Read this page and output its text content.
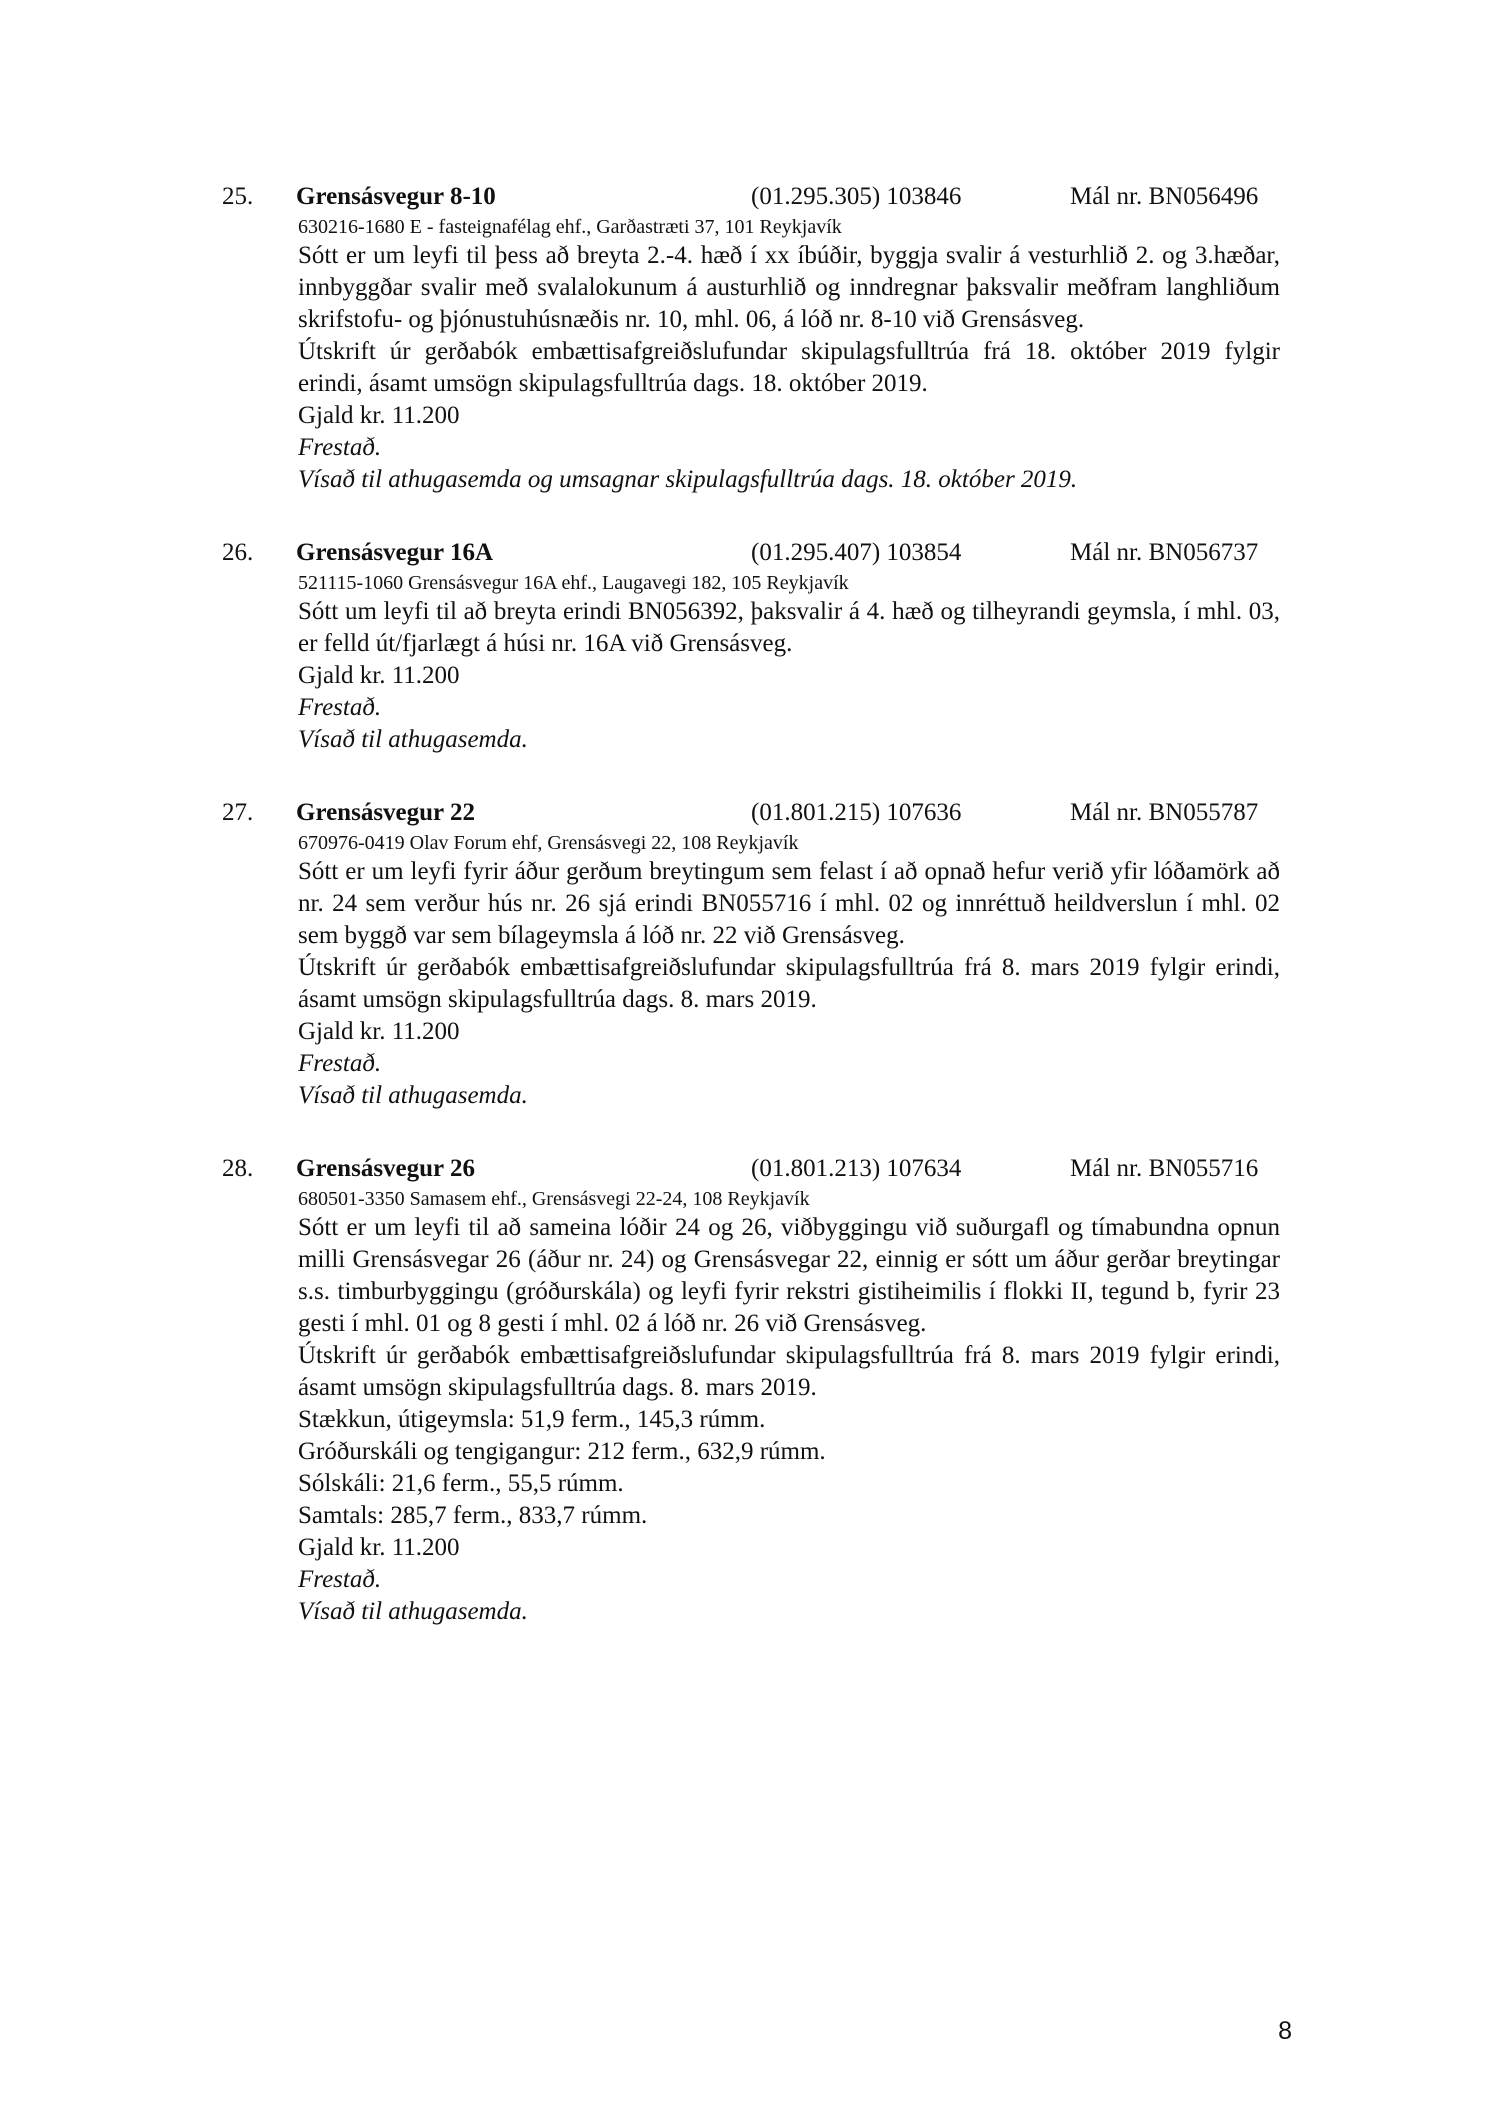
25. Grensásvegur 8-10	(01.295.305) 103846	Mál nr. BN056496
630216-1680 E - fasteignafélag ehf., Garðastræti 37, 101 Reykjavík
Sótt er um leyfi til þess að breyta 2.-4. hæð í xx íbúðir, byggja svalir á vesturhlið 2. og 3.hæðar, innbyggðar svalir með svalalokunum á austurhlið og inndregnar þaksvalir meðfram langhliðum skrifstofu- og þjónustuhúsnæðis nr. 10, mhl. 06, á lóð nr. 8-10 við Grensásveg.
Útskrift úr gerðabók embættisafgreiðslufundar skipulagsfulltrúa frá 18. október 2019 fylgir erindi, ásamt umsögn skipulagsfulltrúa dags. 18. október 2019.
Gjald kr. 11.200
Frestað.
Vísað til athugasemda og umsagnar skipulagsfulltrúa dags. 18. október 2019.
26. Grensásvegur 16A	(01.295.407) 103854	Mál nr. BN056737
521115-1060 Grensásvegur 16A ehf., Laugavegi 182, 105 Reykjavík
Sótt um leyfi til að breyta erindi BN056392, þaksvalir á 4. hæð og tilheyrandi geymsla, í mhl. 03, er felld út/fjarlægt á húsi nr. 16A við Grensásveg.
Gjald kr. 11.200
Frestað.
Vísað til athugasemda.
27. Grensásvegur 22	(01.801.215) 107636	Mál nr. BN055787
670976-0419 Olav Forum ehf, Grensásvegi 22, 108 Reykjavík
Sótt er um leyfi fyrir áður gerðum breytingum sem felast í að opnað hefur verið yfir lóðamörk að nr. 24 sem verður hús nr. 26 sjá erindi BN055716 í mhl. 02 og innréttuð heildverslun í mhl. 02 sem byggð var sem bílageymsla á lóð nr. 22 við Grensásveg.
Útskrift úr gerðabók embættisafgreiðslufundar skipulagsfulltrúa frá 8. mars 2019 fylgir erindi, ásamt umsögn skipulagsfulltrúa dags. 8. mars 2019.
Gjald kr. 11.200
Frestað.
Vísað til athugasemda.
28. Grensásvegur 26	(01.801.213) 107634	Mál nr. BN055716
680501-3350 Samasem ehf., Grensásvegi 22-24, 108 Reykjavík
Sótt er um leyfi til að sameina lóðir 24 og 26, viðbyggingu við suðurgafl og tímabundna opnun milli Grensásvegar 26 (áður nr. 24) og Grensásvegar 22, einnig er sótt um áður gerðar breytingar s.s. timburbyggingu (gróðurskála) og leyfi fyrir rekstri gistiheimilis í flokki II, tegund b, fyrir 23 gesti í mhl. 01 og 8 gesti í mhl. 02 á lóð nr. 26 við Grensásveg.
Útskrift úr gerðabók embættisafgreiðslufundar skipulagsfulltrúa frá 8. mars 2019 fylgir erindi, ásamt umsögn skipulagsfulltrúa dags. 8. mars 2019.
Stækkun, útigeymsla: 51,9 ferm., 145,3 rúmm.
Gróðurskáli og tengigangur: 212 ferm., 632,9 rúmm.
Sólskáli: 21,6 ferm., 55,5 rúmm.
Samtals: 285,7 ferm., 833,7 rúmm.
Gjald kr. 11.200
Frestað.
Vísað til athugasemda.
8
